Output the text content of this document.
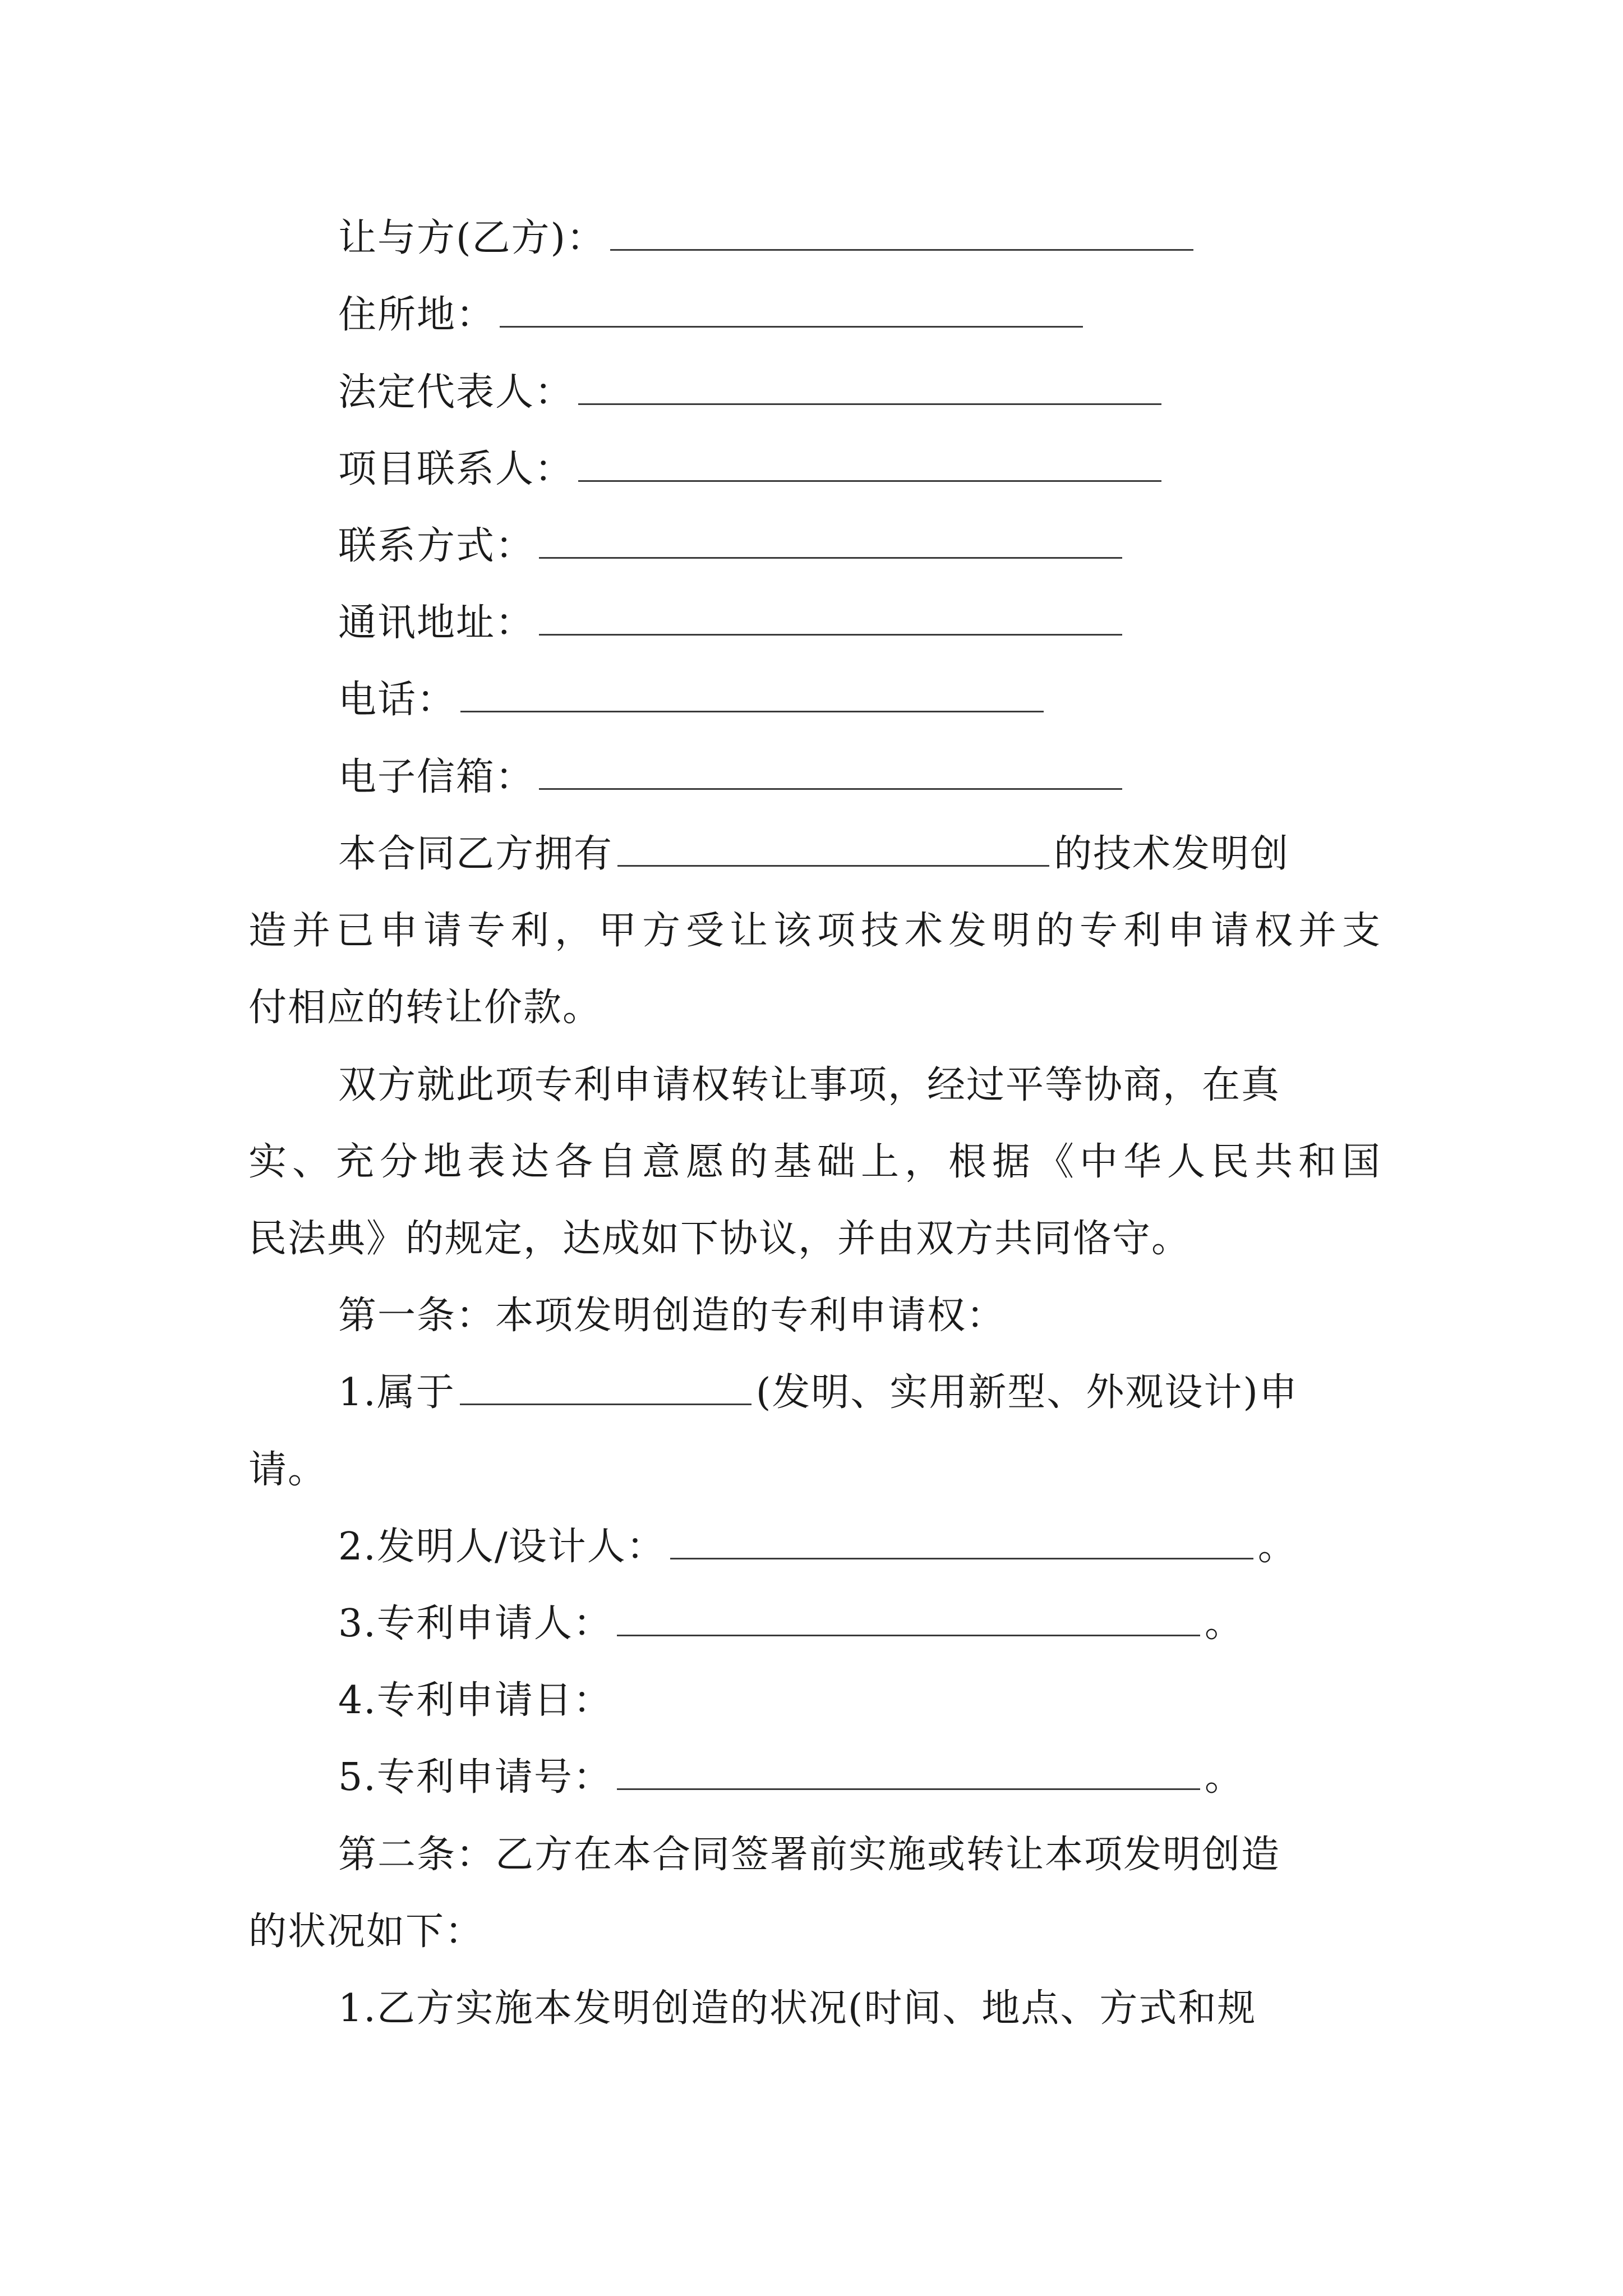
让与方(乙方)：
住所地：
法定代表人：
项目联系人：
联系方式：
通讯地址：
电话：
电子信箱：
本合同乙方拥有	的技术发明创
造并已申请专利，甲方受让该项技术发明的专利申请权并支
付相应的转让价款。
双方就此项专利申请权转让事项，经过平等协商，在真
实、充分地表达各自意愿的基础上，根据《中华人民共和国
民法典》的规定，达成如下协议，并由双方共同恪守。
第一条：本项发明创造的专利申请权：
1.属于	(发明、实用新型、外观设计)申
请。
2.发明人/设计人：	。
3.专利申请人：	。
4.专利申请日：
5.专利申请号：	。
第二条：乙方在本合同签署前实施或转让本项发明创造
的状况如下：
1.乙方实施本发明创造的状况(时间、地点、方式和规
